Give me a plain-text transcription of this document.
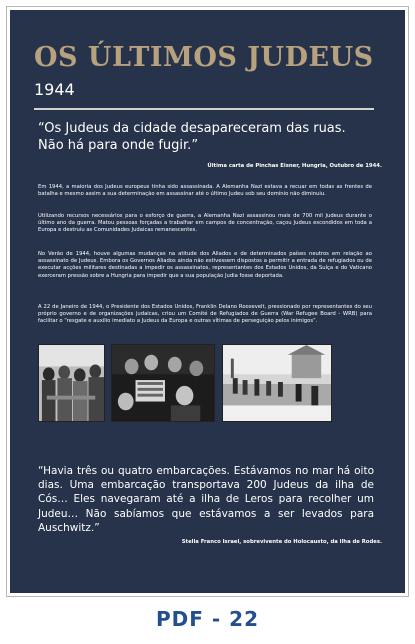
OS ÚLTIMOS JUDEUS
1944
“Os Judeus da cidade desapareceram das ruas. Não há para onde fugir.”
Última carta de Pinchas Eisner, Hungria, Outubro de 1944.

Em 1944, a maioria dos Judeus europeus tinha sido assassinada. A Alemanha Nazi estava a recuar em todas as frentes de batalha e mesmo assim a sua determinação em assassinar até o último Judeu sob seu domínio não diminuiu.

Utilizando recursos necessários para o esforço de guerra, a Alemanha Nazi assassinou mais de 700 mil Judeus durante o último ano da guerra. Matou pessoas forçadas a trabalhar em campos de concentração, caçou Judeus escondidos em toda a Europa e destruiu as Comunidades Judaicas remanescentes.

No Verão de 1944, houve algumas mudanças na atitude dos Aliados e de determinados países neutros em relação ao assassinato de Judeus. Embora os Governos Aliados ainda não estivessem dispostos a permitir a entrada de refugiados ou de executar acções militares destinadas a impedir os assassinatos, representantes dos Estados Unidos, da Suíça e do Vaticano exerceram pressão sobre a Hungria para impedir que a sua população Judia fosse deportada.

A 22 de Janeiro de 1944, o Presidente dos Estados Unidos, Franklin Delano Roosevelt, pressionado por representantes do seu próprio governo e de organizações judaicas, criou um Comité de Refugiados de Guerra (War Refugee Board - WRB) para facilitar o “resgate e auxílio imediato a Judeus da Europa e outras vítimas de perseguição pelos inimigos”.

“Havia três ou quatro embarcações. Estávamos no mar há oito dias. Uma embarcação transportava 200 Judeus da ilha de Cós… Eles navegaram até a ilha de Leros para recolher um Judeu… Não sabíamos que estávamos a ser levados para Auschwitz.”
Stella Franco Israel, sobrevivente do Holocausto, da ilha de Rodes.
PDF - 22
